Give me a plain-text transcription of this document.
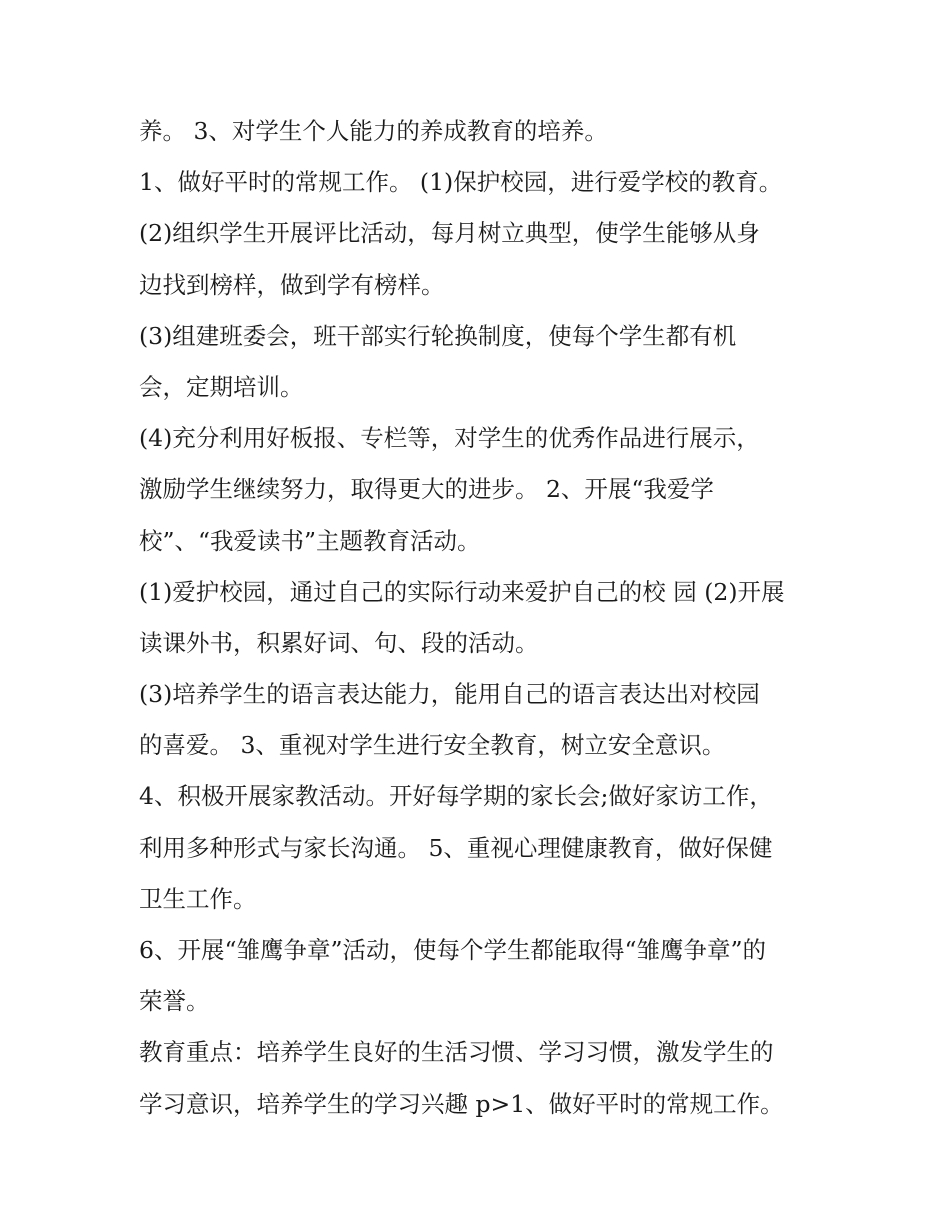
养。 3、对学生个人能力的养成教育的培养。
1、做好平时的常规工作。 (1)保护校园，进行爱学校的教育。
(2)组织学生开展评比活动，每月树立典型，使学生能够从身
边找到榜样，做到学有榜样。
(3)组建班委会，班干部实行轮换制度，使每个学生都有机
会，定期培训。
(4)充分利用好板报、专栏等，对学生的优秀作品进行展示，
激励学生继续努力，取得更大的进步。 2、开展“我爱学
校”、“我爱读书”主题教育活动。
(1)爱护校园，通过自己的实际行动来爱护自己的校 园 (2)开展
读课外书，积累好词、句、段的活动。
(3)培养学生的语言表达能力，能用自己的语言表达出对校园
的喜爱。 3、重视对学生进行安全教育，树立安全意识。
4、积极开展家教活动。开好每学期的家长会;做好家访工作，
利用多种形式与家长沟通。 5、重视心理健康教育，做好保健
卫生工作。
6、开展“雏鹰争章”活动，使每个学生都能取得“雏鹰争章”的
荣誉。
教育重点：培养学生良好的生活习惯、学习习惯，激发学生的
学习意识，培养学生的学习兴趣 p>1、做好平时的常规工作。
